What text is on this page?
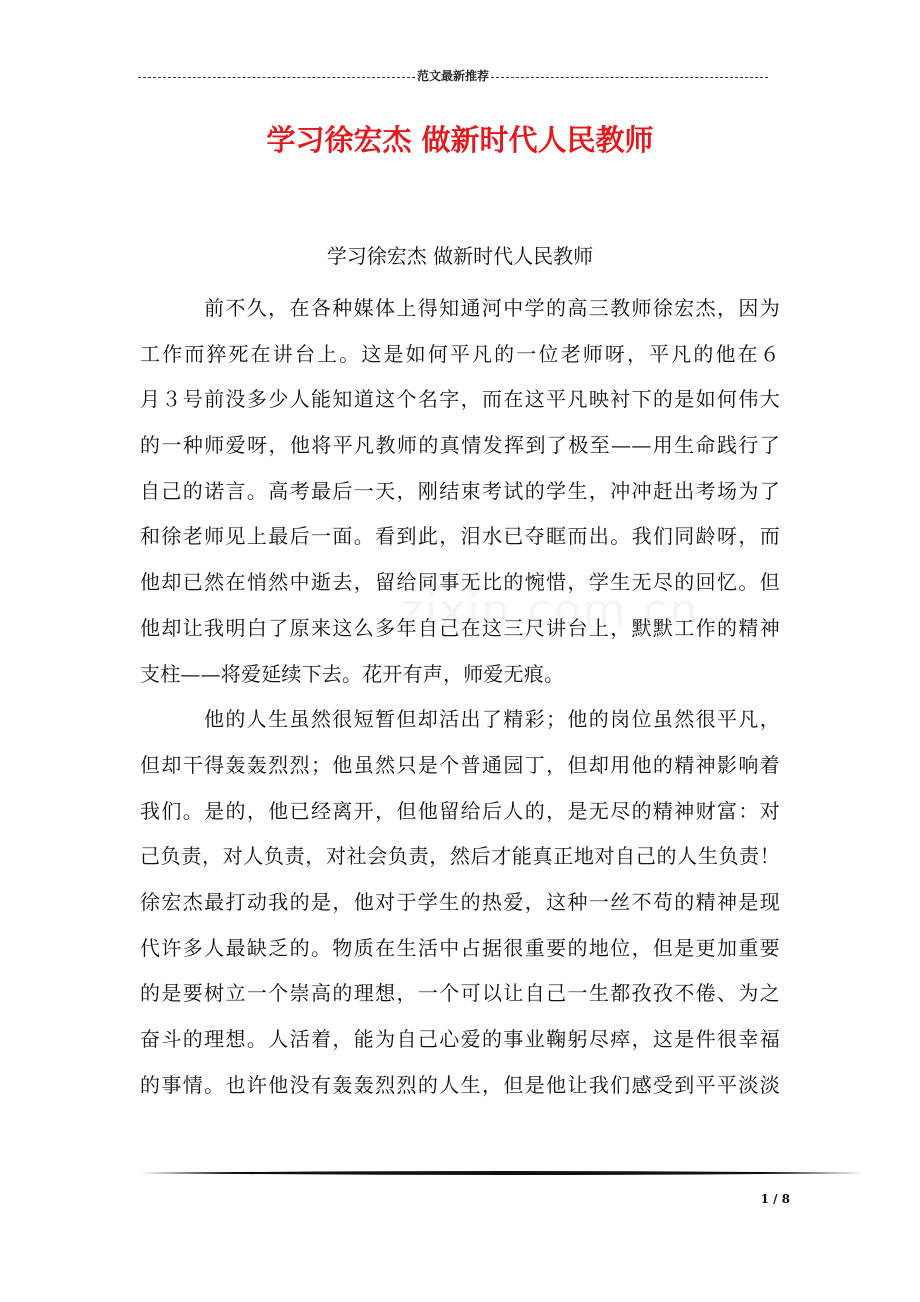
范文最新推荐
学习徐宏杰 做新时代人民教师
学习徐宏杰 做新时代人民教师
前不久，在各种媒体上得知通河中学的高三教师徐宏杰，因为
工作而猝死在讲台上。这是如何平凡的一位老师呀，平凡的他在６
月３号前没多少人能知道这个名字，而在这平凡映衬下的是如何伟大
的一种师爱呀，他将平凡教师的真情发挥到了极至——用生命践行了
自己的诺言。高考最后一天，刚结束考试的学生，冲冲赶出考场为了
和徐老师见上最后一面。看到此，泪水已夺眶而出。我们同龄呀，而
他却已然在悄然中逝去，留给同事无比的惋惜，学生无尽的回忆。但
他却让我明白了原来这么多年自己在这三尺讲台上，默默工作的精神
支柱——将爱延续下去。花开有声，师爱无痕。
他的人生虽然很短暂但却活出了精彩；他的岗位虽然很平凡，
但却干得轰轰烈烈；他虽然只是个普通园丁，但却用他的精神影响着
我们。是的，他已经离开，但他留给后人的，是无尽的精神财富：对
己负责，对人负责，对社会负责，然后才能真正地对自己的人生负责！
徐宏杰最打动我的是，他对于学生的热爱，这种一丝不苟的精神是现
代许多人最缺乏的。物质在生活中占据很重要的地位，但是更加重要
的是要树立一个崇高的理想，一个可以让自己一生都孜孜不倦、为之
奋斗的理想。人活着，能为自己心爱的事业鞠躬尽瘁，这是件很幸福
的事情。也许他没有轰轰烈烈的人生，但是他让我们感受到平平淡淡
1 / 8
